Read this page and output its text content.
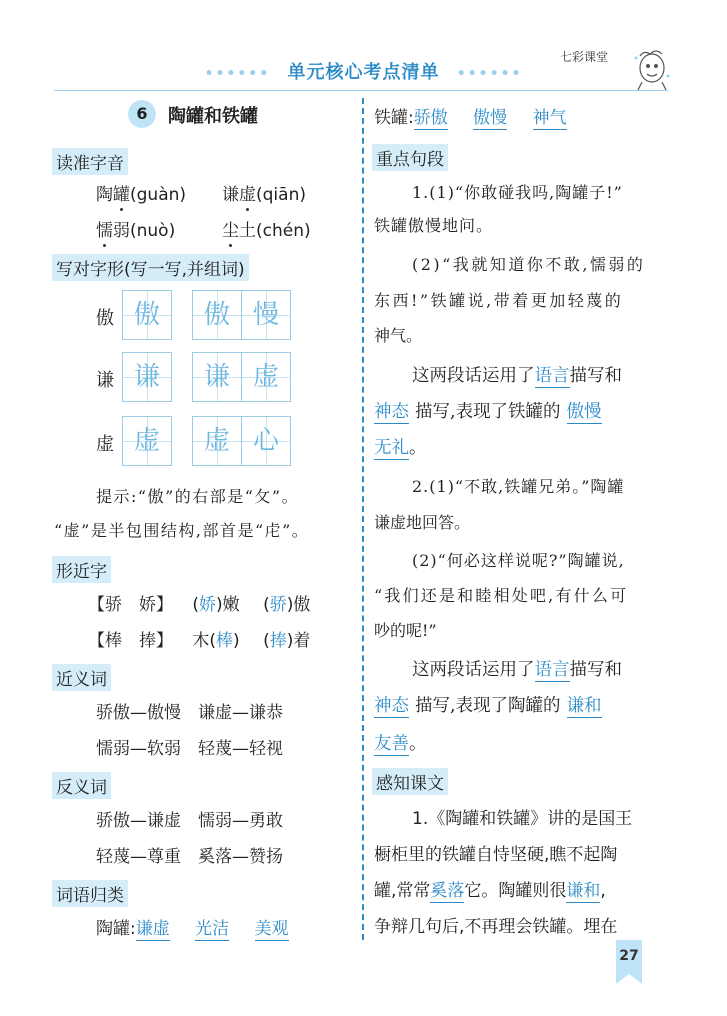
•••••• 单元核心考点清单 ••••••
七彩课堂
6	陶罐和铁罐
读准字音
陶罐(guàn) 谦虚(qiān)
懦弱(nuò)	尘土(chén)
写对字形(写一写,并组词)
傲 傲	傲 慢
谦 谦	谦 虚
虚 虚	虚 心
提示:“傲”的右部是“攵”。
“虚”是半包围结构,部首是“虍”。
形近字
【骄　娇】 (娇)嫩 (骄)傲
【棒　捧】 木(棒) (捧)着
近义词
骄傲—傲慢　谦虚—谦恭
懦弱—软弱　轻蔑—轻视
反义词
骄傲—谦虚　懦弱—勇敢
轻蔑—尊重　奚落—赞扬
词语归类
陶罐:谦虚 光洁 美观
铁罐:骄傲 傲慢 神气
重点句段
1.(1)“你敢碰我吗,陶罐子!”
铁罐傲慢地问。
(2)“我就知道你不敢,懦弱的
东西!”铁罐说,带着更加轻蔑的
神气。
这两段话运用了语言描写和
神态 描写,表现了铁罐的 傲慢
无礼。
2.(1)“不敢,铁罐兄弟。”陶罐
谦虚地回答。
(2)“何必这样说呢?”陶罐说,
“我们还是和睦相处吧,有什么可
吵的呢!”
这两段话运用了语言描写和
神态 描写,表现了陶罐的 谦和
友善。
感知课文
1.《陶罐和铁罐》讲的是国王
橱柜里的铁罐自恃坚硬,瞧不起陶
罐,常常奚落它。陶罐则很谦和,
争辩几句后,不再理会铁罐。埋在
27
